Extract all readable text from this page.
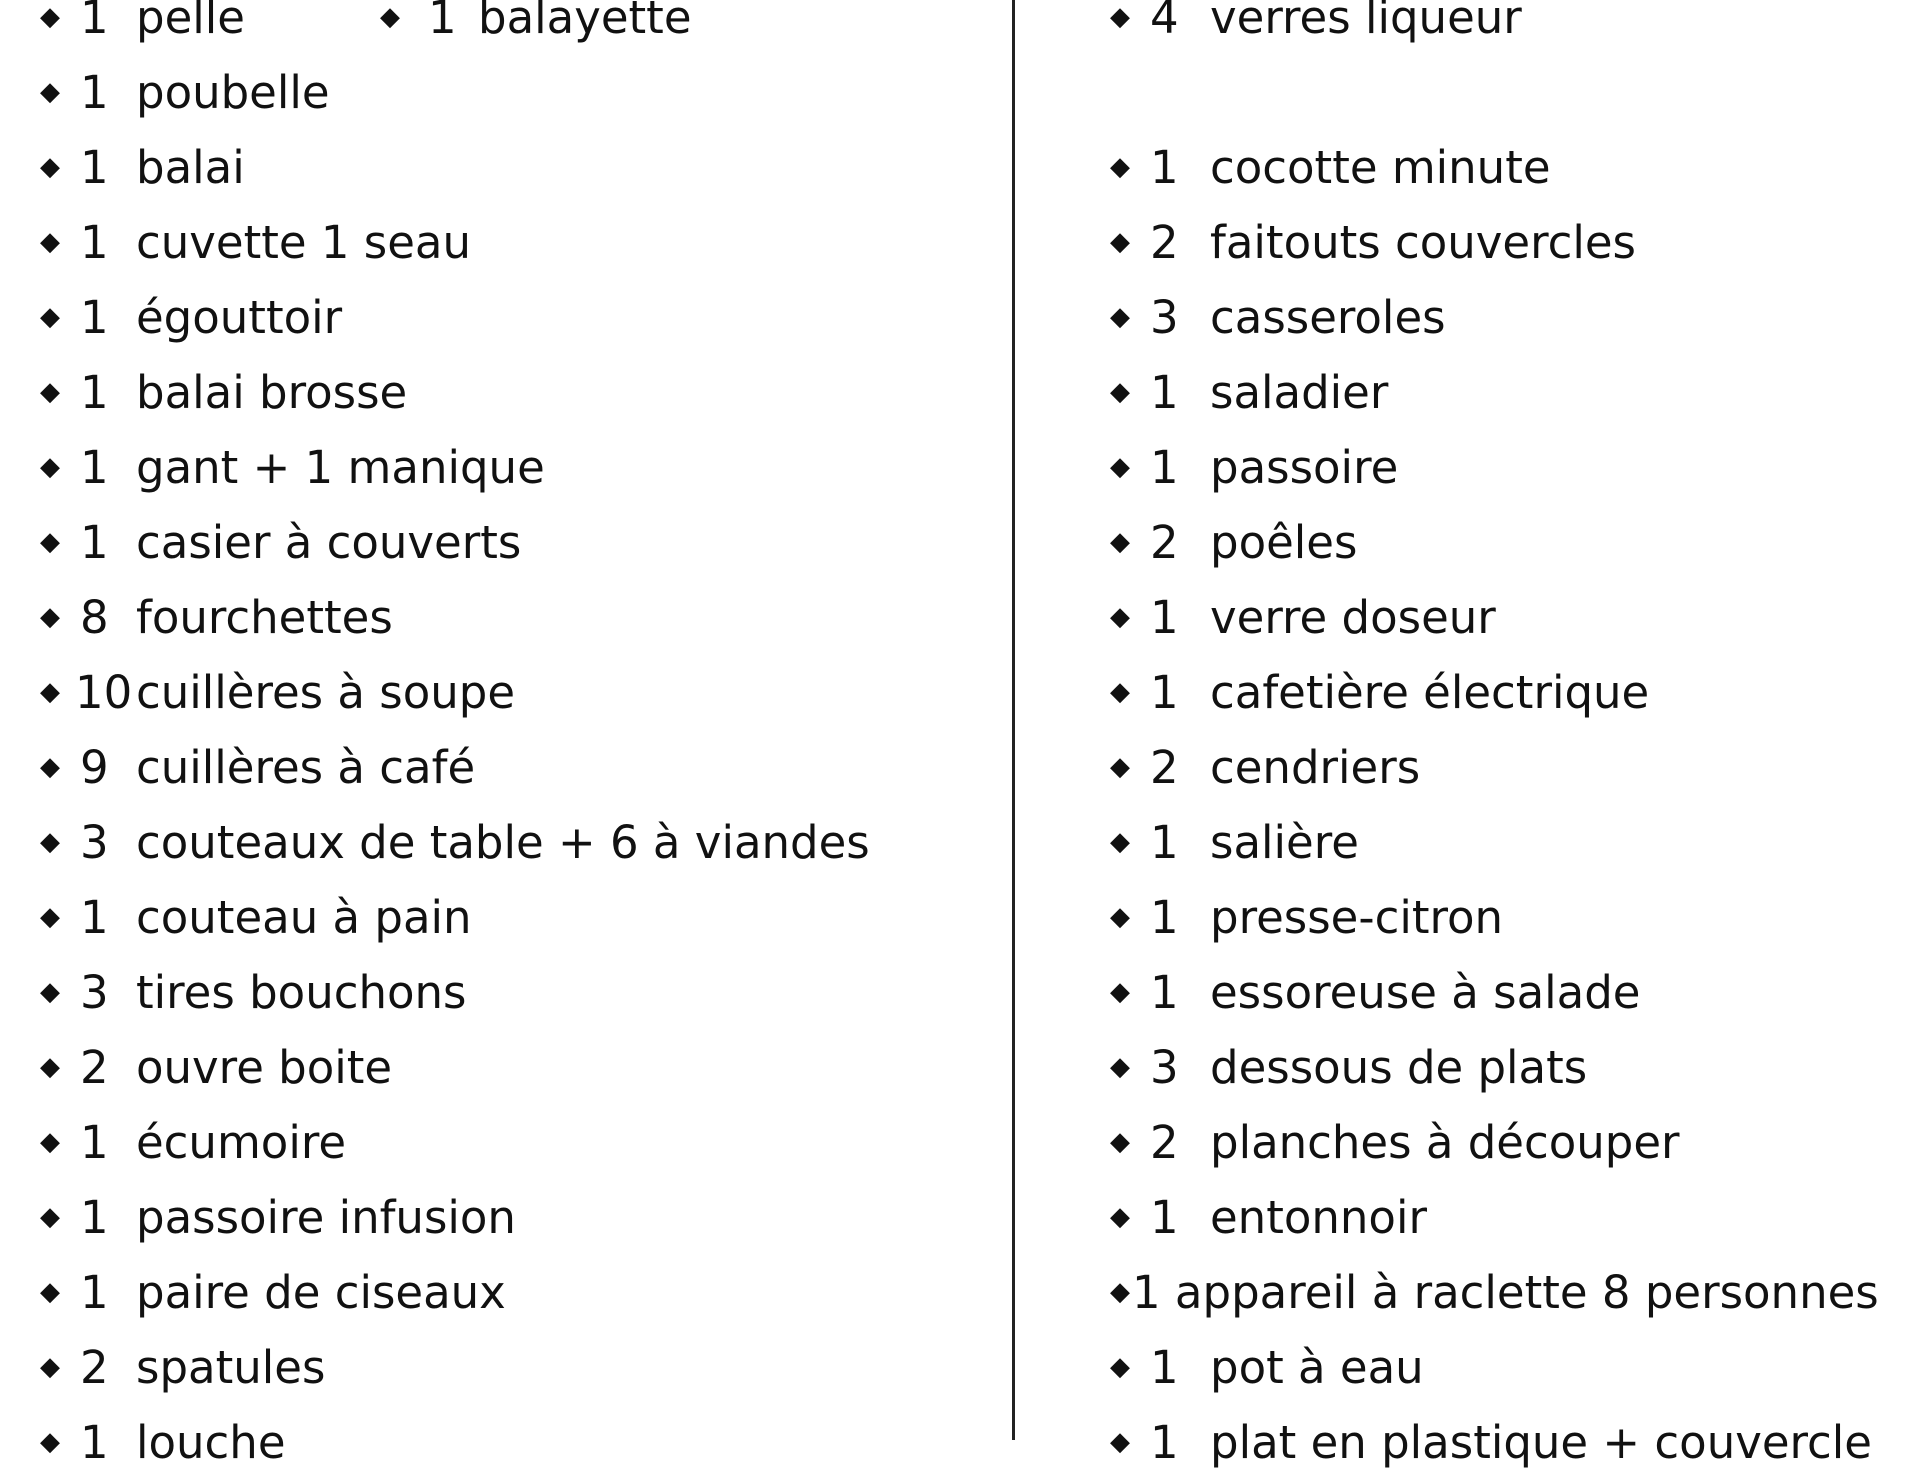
◆ 1 pelle	◆ 1 balayette
◆ 1 poubelle
◆ 1 balai
◆ 1 cuvette 1 seau
◆ 1 égouttoir
◆ 1 balai brosse
◆ 1 gant + 1 manique
◆ 1 casier à couverts
◆ 8 fourchettes
◆ 10 cuillères à soupe
◆ 9 cuillères à café
◆ 3 couteaux de table + 6 à viandes
◆ 1 couteau à pain
◆ 3 tires bouchons
◆ 2 ouvre boite
◆ 1 écumoire
◆ 1 passoire infusion
◆ 1 paire de ciseaux
◆ 2 spatules
◆ 1 louche
◆ 4 verres liqueur
◆ 1 cocotte minute
◆ 2 faitouts couvercles
◆ 3 casseroles
◆ 1 saladier
◆ 1 passoire
◆ 2 poêles
◆ 1 verre doseur
◆ 1 cafetière électrique
◆ 2 cendriers
◆ 1 salière
◆ 1 presse-citron
◆ 1 essoreuse à salade
◆ 3 dessous de plats
◆ 2 planches à découper
◆ 1 entonnoir
◆ 1 appareil à raclette 8 personnes
◆ 1 pot à eau
◆ 1 plat en plastique + couvercle
